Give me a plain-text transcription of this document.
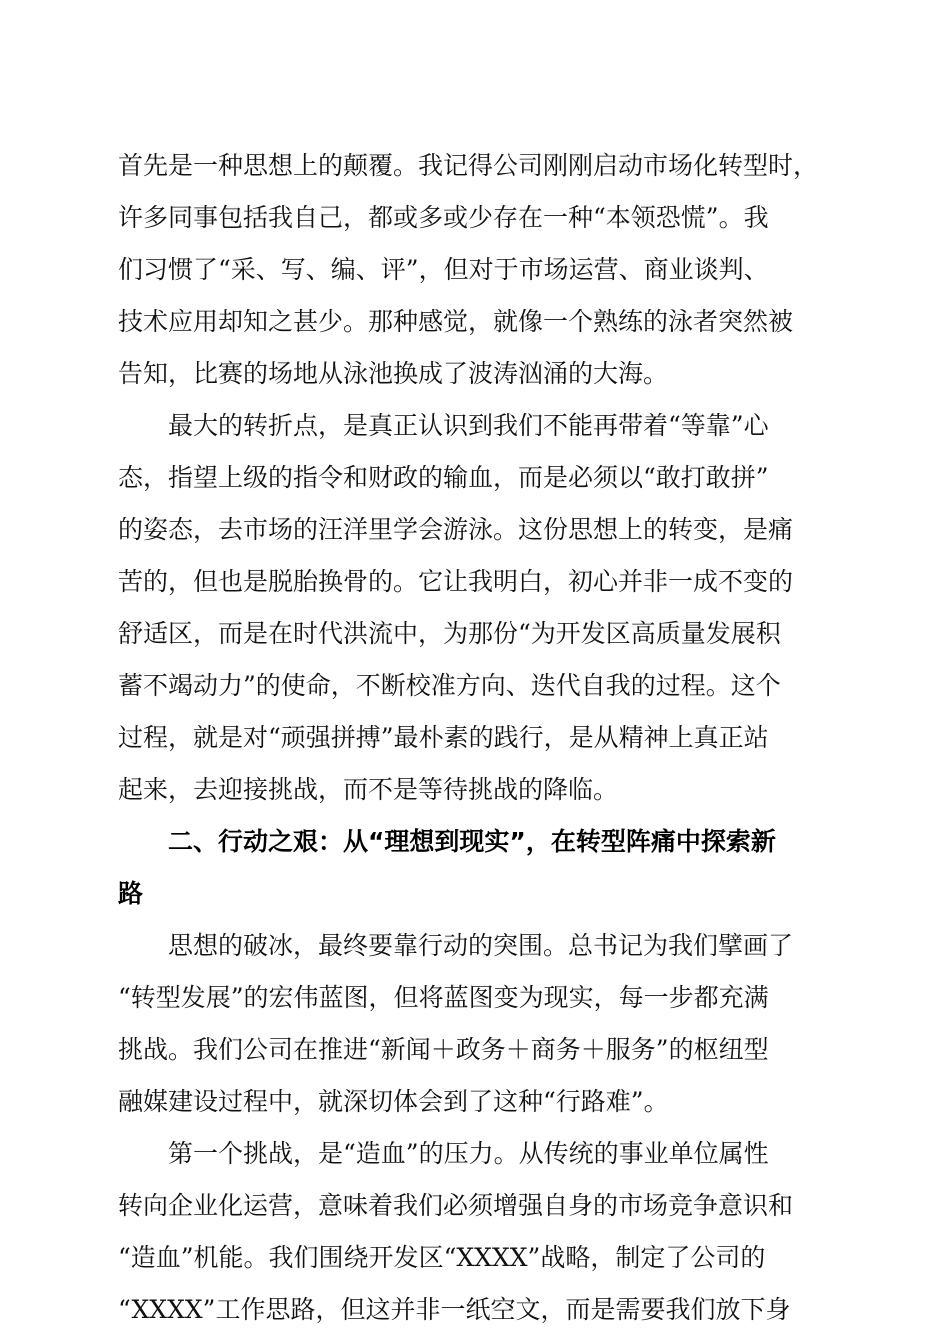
首先是一种思想上的颠覆。我记得公司刚刚启动市场化转型时，
许多同事包括我自己，都或多或少存在一种“本领恐慌”。我
们习惯了“采、写、编、评”，但对于市场运营、商业谈判、
技术应用却知之甚少。那种感觉，就像一个熟练的泳者突然被
告知，比赛的场地从泳池换成了波涛汹涌的大海。
　　最大的转折点，是真正认识到我们不能再带着“等靠”心
态，指望上级的指令和财政的输血，而是必须以“敢打敢拼”
的姿态，去市场的汪洋里学会游泳。这份思想上的转变，是痛
苦的，但也是脱胎换骨的。它让我明白，初心并非一成不变的
舒适区，而是在时代洪流中，为那份“为开发区高质量发展积
蓄不竭动力”的使命，不断校准方向、迭代自我的过程。这个
过程，就是对“顽强拼搏”最朴素的践行，是从精神上真正站
起来，去迎接挑战，而不是等待挑战的降临。
　　二、行动之艰：从“理想到现实”，在转型阵痛中探索新
路
　　思想的破冰，最终要靠行动的突围。总书记为我们擘画了
“转型发展”的宏伟蓝图，但将蓝图变为现实，每一步都充满
挑战。我们公司在推进“新闻＋政务＋商务＋服务”的枢纽型
融媒建设过程中，就深切体会到了这种“行路难”。
　　第一个挑战，是“造血”的压力。从传统的事业单位属性
转向企业化运营，意味着我们必须增强自身的市场竞争意识和
“造血”机能。我们围绕开发区“XXXX”战略，制定了公司的
“XXXX”工作思路，但这并非一纸空文，而是需要我们放下身
